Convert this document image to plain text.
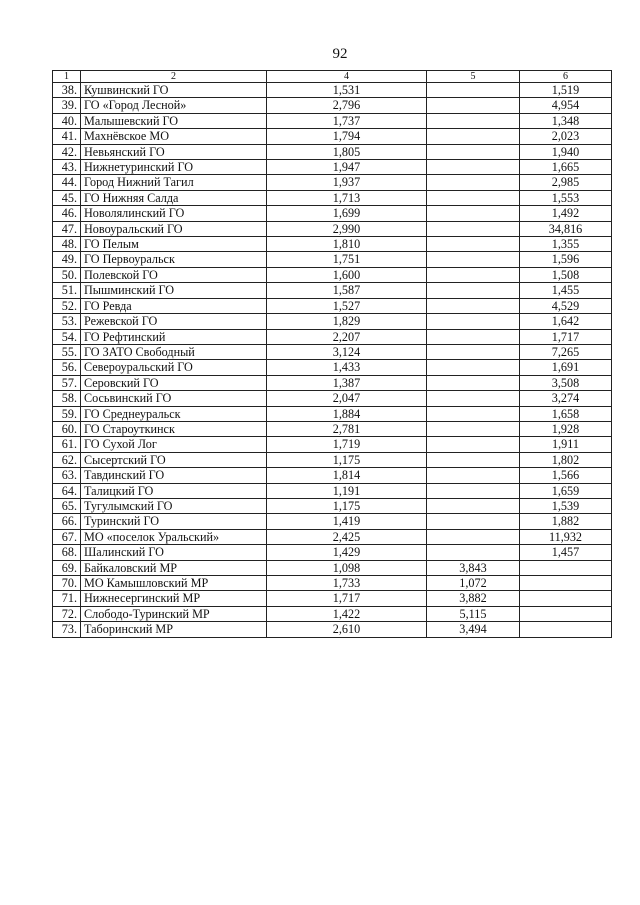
92
1	2	4	5	6
38.	Кушвинский ГО	1,531		1,519
39.	ГО «Город Лесной»	2,796		4,954
40.	Малышевский ГО	1,737		1,348
41.	Махнёвское МО	1,794		2,023
42.	Невьянский ГО	1,805		1,940
43.	Нижнетуринский ГО	1,947		1,665
44.	Город Нижний Тагил	1,937		2,985
45.	ГО Нижняя Салда	1,713		1,553
46.	Новолялинский ГО	1,699		1,492
47.	Новоуральский ГО	2,990		34,816
48.	ГО Пелым	1,810		1,355
49.	ГО Первоуральск	1,751		1,596
50.	Полевской ГО	1,600		1,508
51.	Пышминский ГО	1,587		1,455
52.	ГО Ревда	1,527		4,529
53.	Режевской ГО	1,829		1,642
54.	ГО Рефтинский	2,207		1,717
55.	ГО ЗАТО Свободный	3,124		7,265
56.	Североуральский ГО	1,433		1,691
57.	Серовский ГО	1,387		3,508
58.	Сосьвинский ГО	2,047		3,274
59.	ГО Среднеуральск	1,884		1,658
60.	ГО Староуткинск	2,781		1,928
61.	ГО Сухой Лог	1,719		1,911
62.	Сысертский ГО	1,175		1,802
63.	Тавдинский ГО	1,814		1,566
64.	Талицкий ГО	1,191		1,659
65.	Тугулымский ГО	1,175		1,539
66.	Туринский ГО	1,419		1,882
67.	МО «поселок Уральский»	2,425		11,932
68.	Шалинский ГО	1,429		1,457
69.	Байкаловский МР	1,098	3,843	
70.	МО Камышловский МР	1,733	1,072	
71.	Нижнесергинский МР	1,717	3,882	
72.	Слободо-Туринский МР	1,422	5,115	
73.	Таборинский МР	2,610	3,494	
